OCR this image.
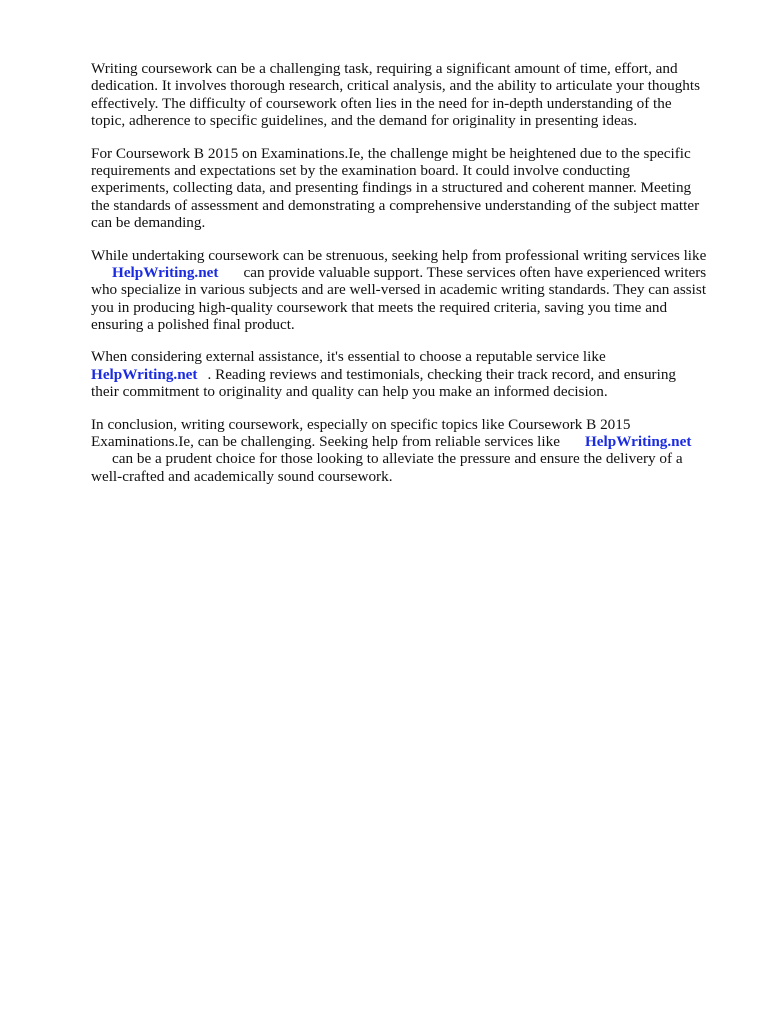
Writing coursework can be a challenging task, requiring a significant amount of time, effort, and
dedication. It involves thorough research, critical analysis, and the ability to articulate your thoughts
effectively. The difficulty of coursework often lies in the need for in-depth understanding of the
topic, adherence to specific guidelines, and the demand for originality in presenting ideas.
For Coursework B 2015 on Examinations.Ie, the challenge might be heightened due to the specific
requirements and expectations set by the examination board. It could involve conducting
experiments, collecting data, and presenting findings in a structured and coherent manner. Meeting
the standards of assessment and demonstrating a comprehensive understanding of the subject matter
can be demanding.
While undertaking coursework can be strenuous, seeking help from professional writing services like
HelpWriting.net can provide valuable support. These services often have experienced writers
who specialize in various subjects and are well-versed in academic writing standards. They can assist
you in producing high-quality coursework that meets the required criteria, saving you time and
ensuring a polished final product.
When considering external assistance, it's essential to choose a reputable service like
HelpWriting.net . Reading reviews and testimonials, checking their track record, and ensuring
their commitment to originality and quality can help you make an informed decision.
In conclusion, writing coursework, especially on specific topics like Coursework B 2015
Examinations.Ie, can be challenging. Seeking help from reliable services like HelpWriting.net
can be a prudent choice for those looking to alleviate the pressure and ensure the delivery of a
well-crafted and academically sound coursework.
